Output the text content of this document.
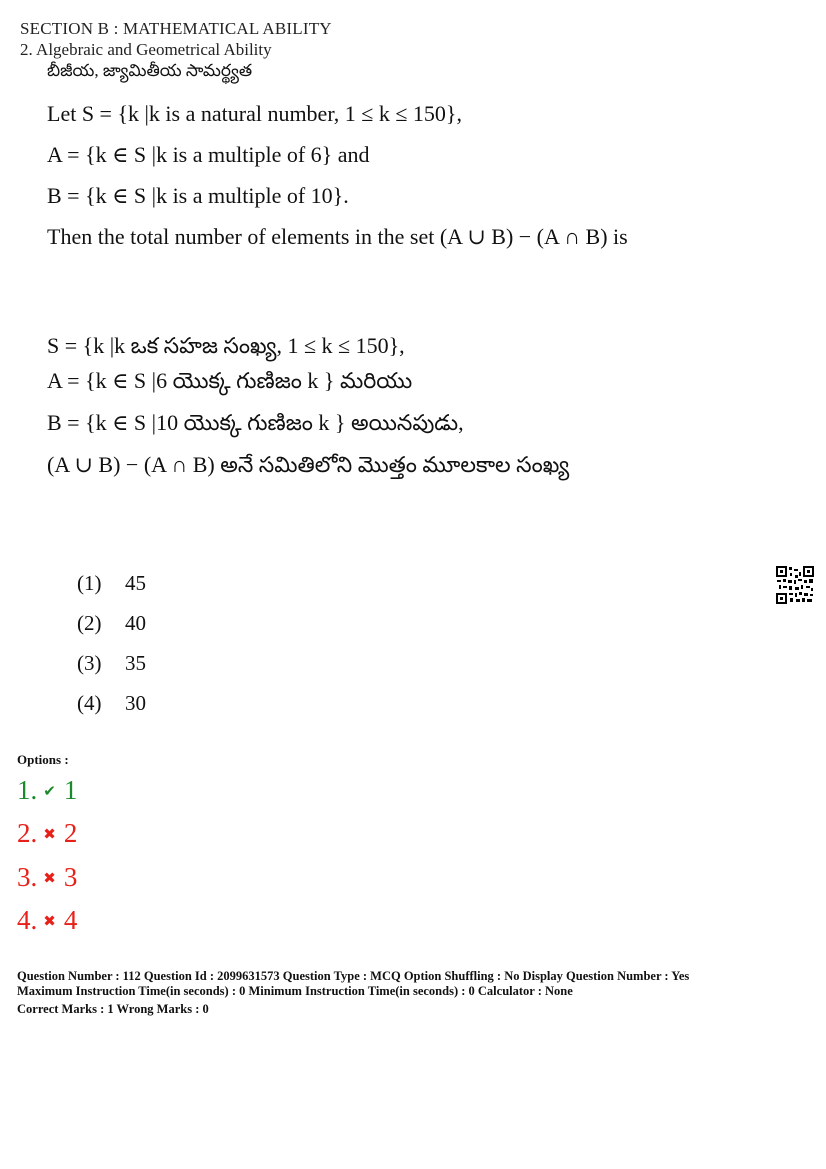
SECTION B : MATHEMATICAL ABILITY
2. Algebraic and Geometrical Ability
బీజీయ, జ్యామితీయ సామర్థ్యత
Let S = {k |k is a natural number, 1 ≤ k ≤ 150},
A = {k ∈ S |k is a multiple of 6} and
B = {k ∈ S |k is a multiple of 10}.
Then the total number of elements in the set (A ∪ B) − (A ∩ B) is
S = {k |k ఒక సహజ సంఖ్య, 1 ≤ k ≤ 150},
A = {k ∈ S |6 యొక్క గుణిజం k } మరియు
B = {k ∈ S |10 యొక్క గుణిజం k } అయినపుడు,
(A ∪ B) − (A ∩ B) అనే సమితిలోని మొత్తం మూలకాల సంఖ్య
(1) 45
(2) 40
(3) 35
(4) 30
Options :
1. ✔ 1
2. ✖ 2
3. ✖ 3
4. ✖ 4
Question Number : 112 Question Id : 2099631573 Question Type : MCQ Option Shuffling : No Display Question Number : Yes
Maximum Instruction Time(in seconds) : 0 Minimum Instruction Time(in seconds) : 0 Calculator : None
Correct Marks : 1 Wrong Marks : 0
